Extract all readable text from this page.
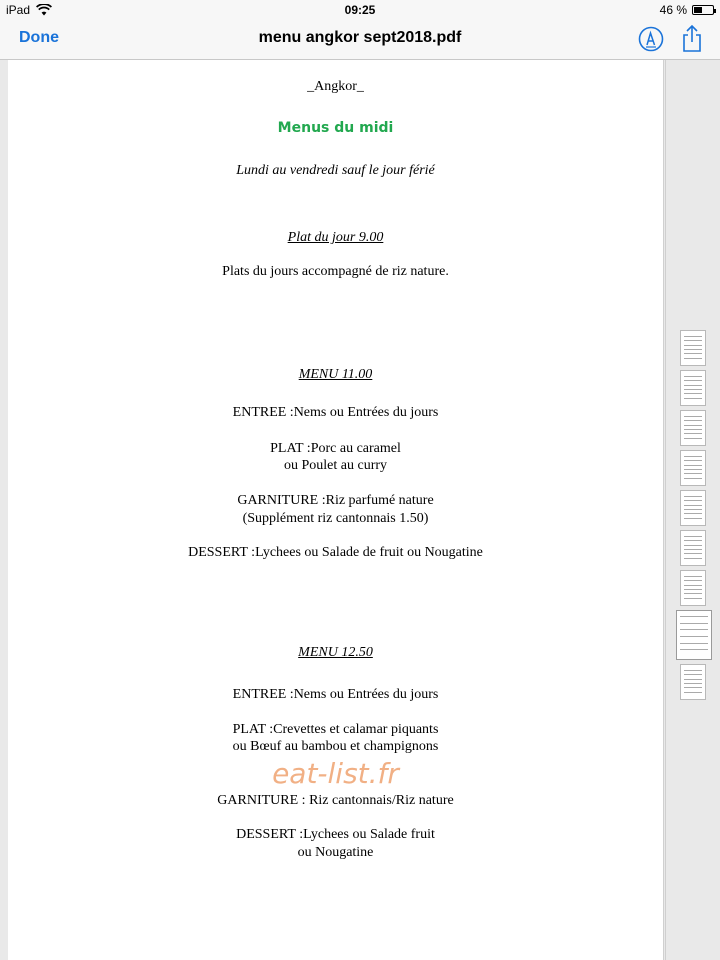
iPad	09:25	46 %
Done	menu angkor sept2018.pdf
_Angkor_
Menus du midi
Lundi au vendredi sauf le jour férié
Plat du jour 9.00
Plats du jours accompagné de riz nature.
MENU 11.00
ENTREE :Nems ou Entrées du jours
PLAT :Porc au caramel
ou Poulet au curry
GARNITURE :Riz parfumé nature
(Supplément riz cantonnais 1.50)
DESSERT :Lychees ou Salade de fruit ou Nougatine
MENU 12.50
ENTREE :Nems ou Entrées du jours
PLAT :Crevettes et calamar piquants
ou Bœuf au bambou et champignons
eat-list.fr
GARNITURE : Riz cantonnais/Riz nature
DESSERT :Lychees ou Salade fruit
ou Nougatine
